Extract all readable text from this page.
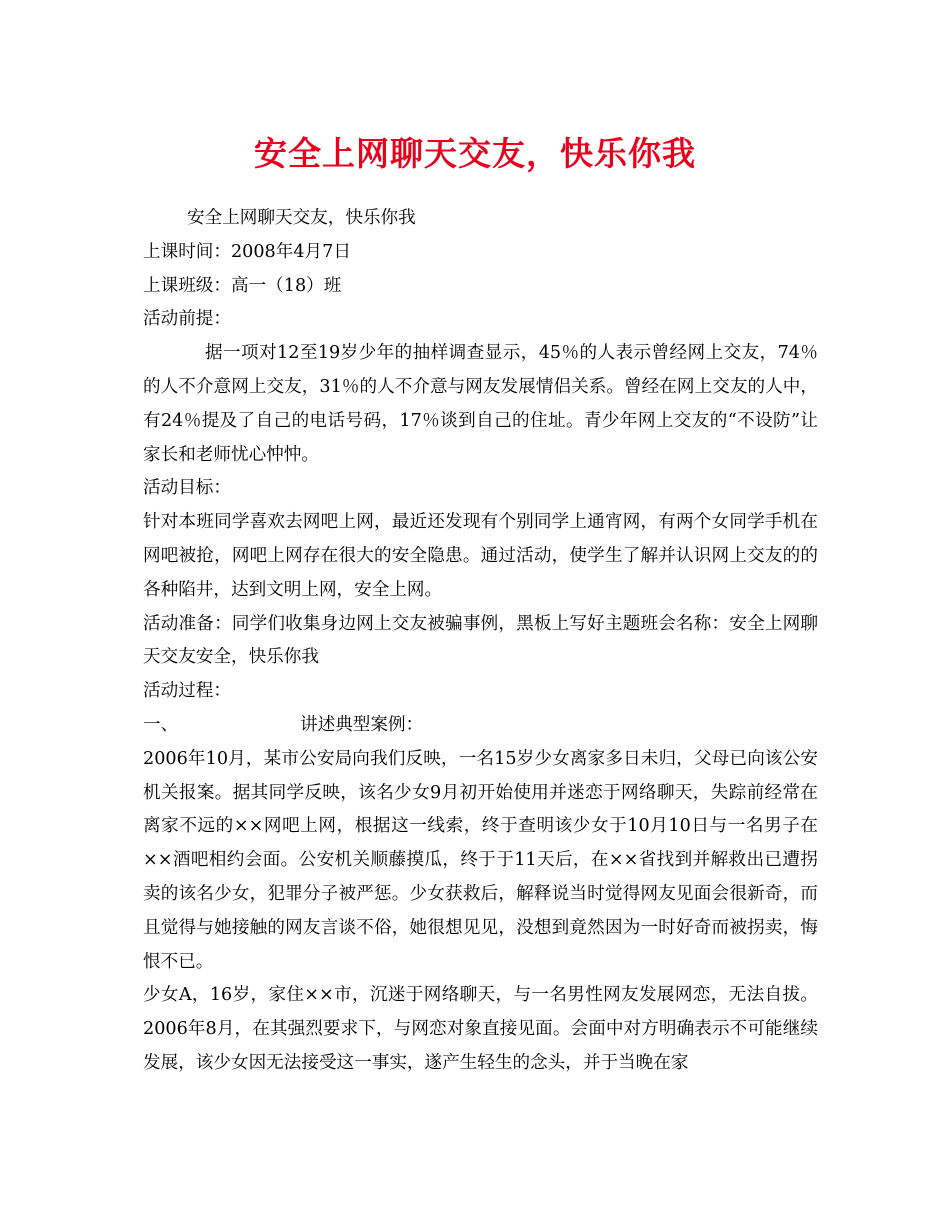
安全上网聊天交友，快乐你我

安全上网聊天交友，快乐你我

上课时间：2008年4月7日

上课班级：高一（18）班

活动前提：

据一项对12至19岁少年的抽样调查显示，45％的人表示曾经网上交友，74％的人不介意网上交友，31％的人不介意与网友发展情侣关系。曾经在网上交友的人中，有24％提及了自己的电话号码，17％谈到自己的住址。青少年网上交友的“不设防”让家长和老师忧心忡忡。

活动目标：

针对本班同学喜欢去网吧上网，最近还发现有个别同学上通宵网，有两个女同学手机在网吧被抢，网吧上网存在很大的安全隐患。通过活动，使学生了解并认识网上交友的的各种陷井，达到文明上网，安全上网。

活动准备：同学们收集身边网上交友被骗事例，黑板上写好主题班会名称：安全上网聊天交友安全，快乐你我

活动过程：

一、	讲述典型案例：

2006年10月，某市公安局向我们反映，一名15岁少女离家多日未归，父母已向该公安机关报案。据其同学反映，该名少女9月初开始使用并迷恋于网络聊天，失踪前经常在离家不远的××网吧上网，根据这一线索，终于查明该少女于10月10日与一名男子在××酒吧相约会面。公安机关顺藤摸瓜，终于于11天后，在××省找到并解救出已遭拐卖的该名少女，犯罪分子被严惩。少女获救后，解释说当时觉得网友见面会很新奇，而且觉得与她接触的网友言谈不俗，她很想见见，没想到竟然因为一时好奇而被拐卖，悔恨不已。

少女A，16岁，家住××市，沉迷于网络聊天，与一名男性网友发展网恋，无法自拔。2006年8月，在其强烈要求下，与网恋对象直接见面。会面中对方明确表示不可能继续发展，该少女因无法接受这一事实，遂产生轻生的念头，并于当晚在家
